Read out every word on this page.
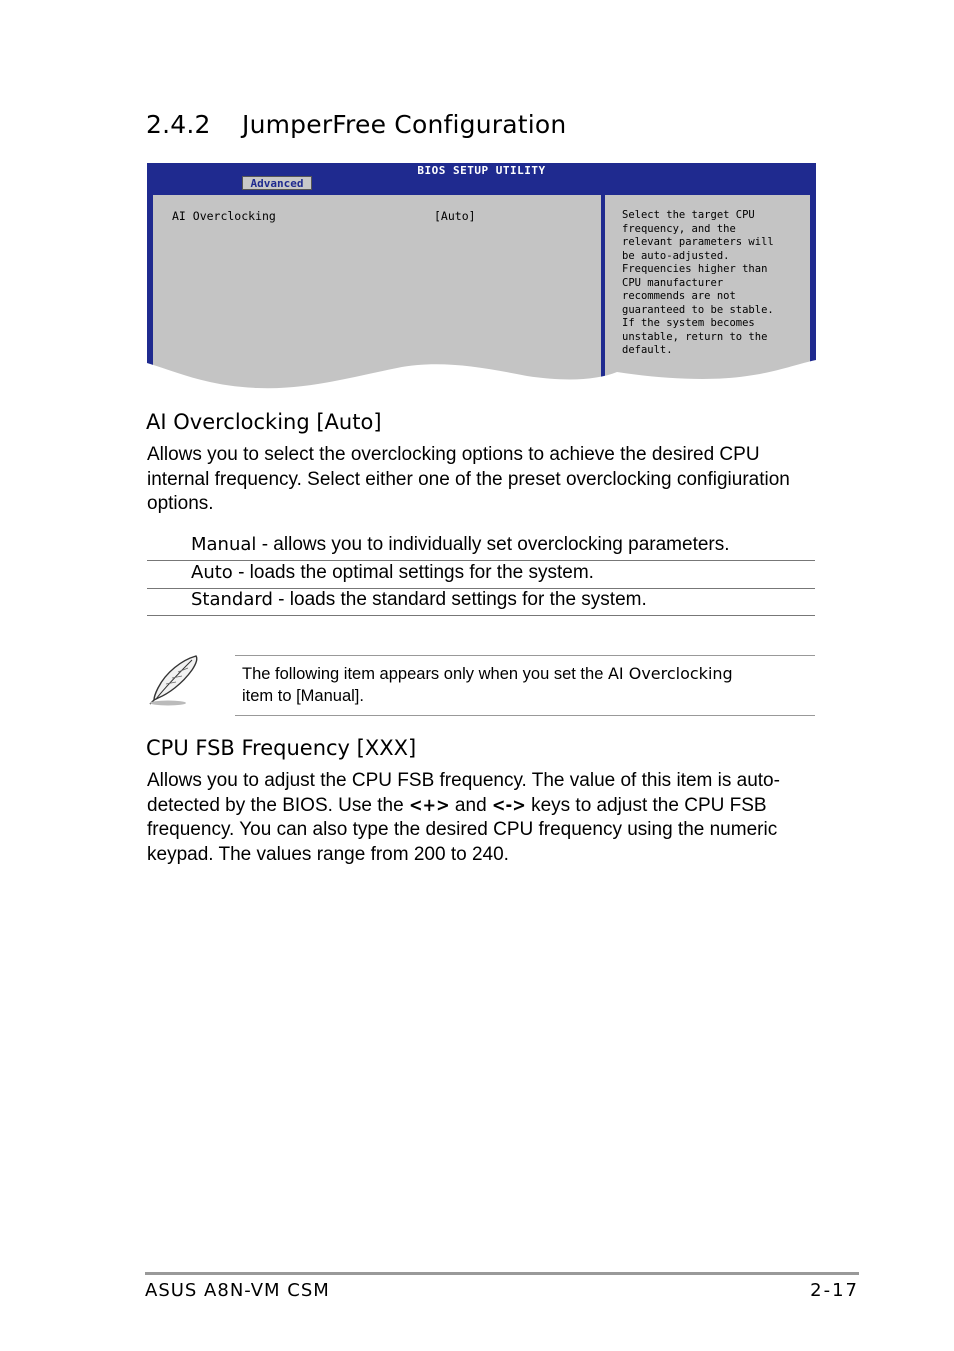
2.4.2 JumperFree Configuration
BIOS SETUP UTILITY
Advanced
AI Overclocking	[Auto]	Select the target CPU
frequency, and the
relevant parameters will
be auto-adjusted.
Frequencies higher than
CPU manufacturer
recommends are not
guaranteed to be stable.
If the system becomes
unstable, return to the
default.
AI Overclocking [Auto]
Allows you to select the overclocking options to achieve the desired CPU internal frequency. Select either one of the preset overclocking configiuration options.
Manual - allows you to individually set overclocking parameters.
Auto - loads the optimal settings for the system.
Standard - loads the standard settings for the system.
The following item appears only when you set the AI Overclocking
item to [Manual].
CPU FSB Frequency [XXX]
Allows you to adjust the CPU FSB frequency. The value of this item is auto-detected by the BIOS. Use the <+> and <-> keys to adjust the CPU FSB frequency. You can also type the desired CPU frequency using the numeric keypad. The values range from 200 to 240.
ASUS A8N-VM CSM	2-17
